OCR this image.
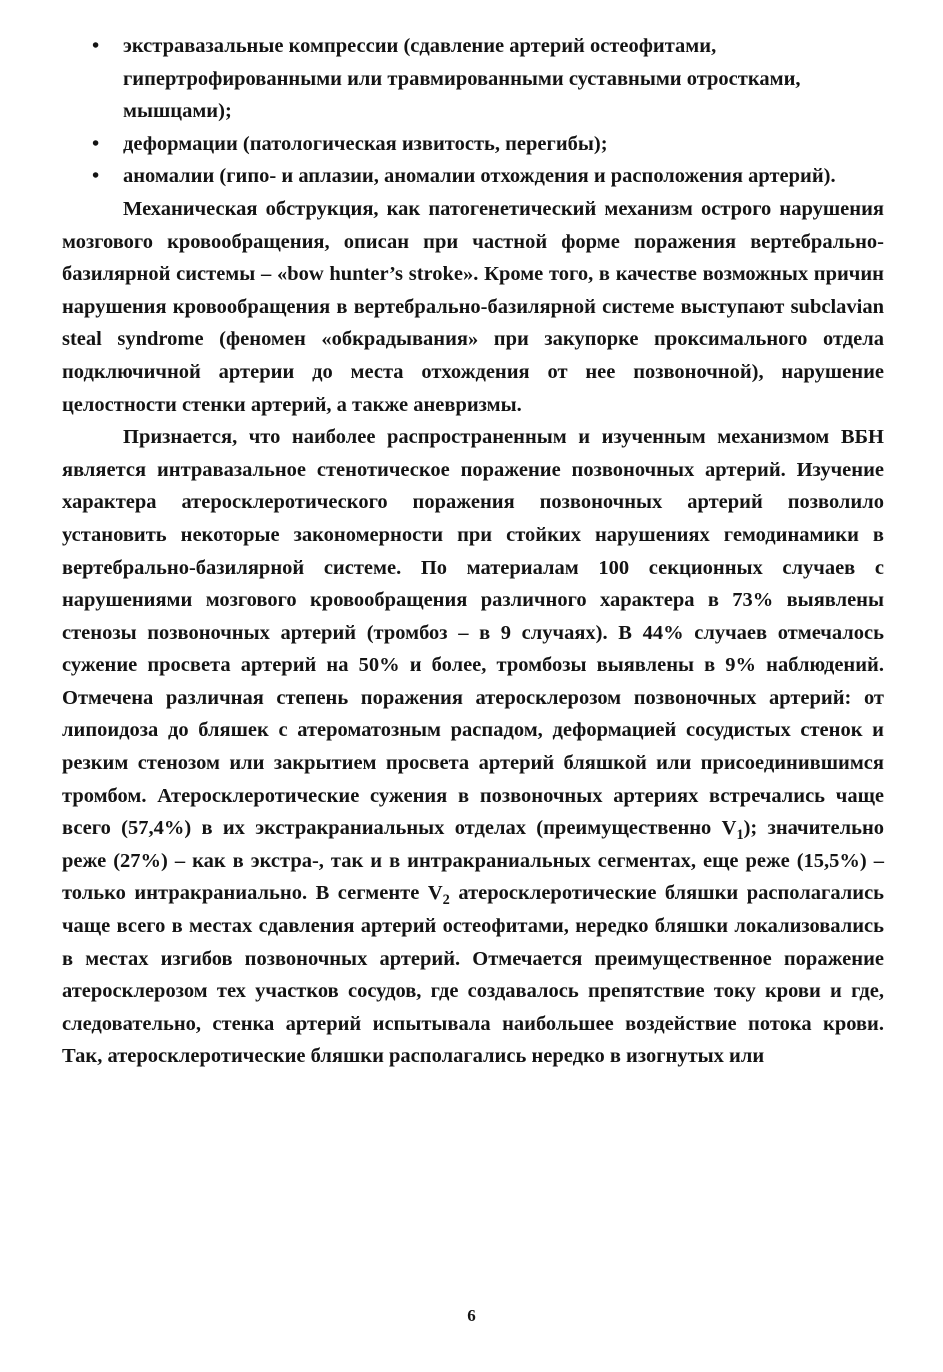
• экстравазальные компрессии (сдавление артерий остеофитами, гипертрофированными или травмированными суставными отростками, мышцами);
• деформации (патологическая извитость, перегибы);
• аномалии (гипо- и аплазии, аномалии отхождения и расположения артерий).

Механическая обструкция, как патогенетический механизм острого нарушения мозгового кровообращения, описан при частной форме поражения вертебрально-базилярной системы – «bow hunter’s stroke». Кроме того, в качестве возможных причин нарушения кровообращения в вертебрально-базилярной системе выступают subclavian steal syndrome (феномен «обкрадывания» при закупорке проксимального отдела подключичной артерии до места отхождения от нее позвоночной), нарушение целостности стенки артерий, а также аневризмы.

Признается, что наиболее распространенным и изученным механизмом ВБН является интравазальное стенотическое поражение позвоночных артерий. Изучение характера атеросклеротического поражения позвоночных артерий позволило установить некоторые закономерности при стойких нарушениях гемодинамики в вертебрально-базилярной системе. По материалам 100 секционных случаев с нарушениями мозгового кровообращения различного характера в 73% выявлены стенозы позвоночных артерий (тромбоз – в 9 случаях). В 44% случаев отмечалось сужение просвета артерий на 50% и более, тромбозы выявлены в 9% наблюдений. Отмечена различная степень поражения атеросклерозом позвоночных артерий: от липоидоза до бляшек с атероматозным распадом, деформацией сосудистых стенок и резким стенозом или закрытием просвета артерий бляшкой или присоединившимся тромбом. Атеросклеротические сужения в позвоночных артериях встречались чаще всего (57,4%) в их экстракраниальных отделах (преимущественно $V_1$); значительно реже (27%) – как в экстра-, так и в интракраниальных сегментах, еще реже (15,5%) – только интракраниально. В сегменте $V_2$ атеросклеротические бляшки располагались чаще всего в местах сдавления артерий остеофитами, нередко бляшки локализовались в местах изгибов позвоночных артерий. Отмечается преимущественное поражение атеросклерозом тех участков сосудов, где создавалось препятствие току крови и где, следовательно, стенка артерий испытывала наибольшее воздействие потока крови. Так, атеросклеротические бляшки располагались нередко в изогнутых или

6
